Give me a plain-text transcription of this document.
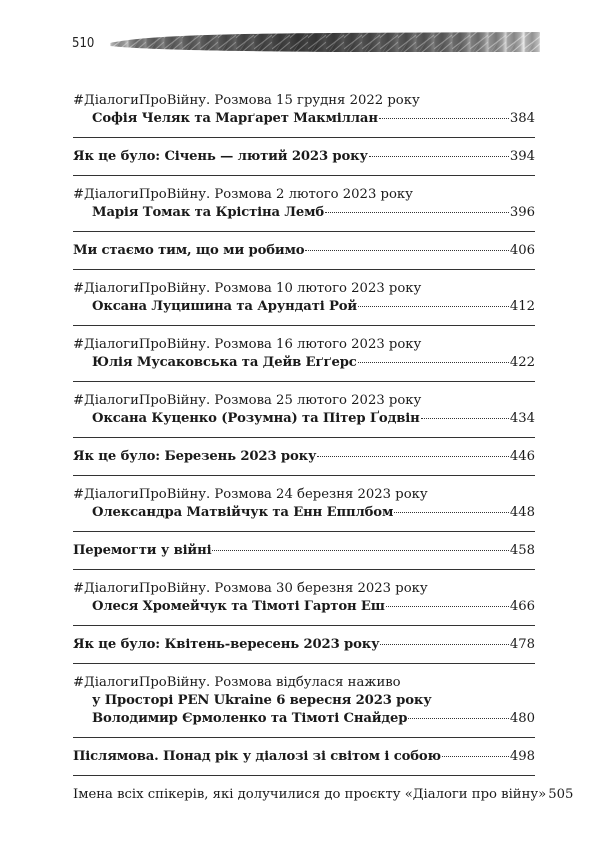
510
#ДіалогиПроВійну. Розмова 15 грудня 2022 року
Софія Челяк та Марґарет Макміллан	384
Як це було: Січень — лютий 2023 року	394
#ДіалогиПроВійну. Розмова 2 лютого 2023 року
Марія Томак та Крістіна Лемб	396
Ми стаємо тим, що ми робимо	406
#ДіалогиПроВійну. Розмова 10 лютого 2023 року
Оксана Луцишина та Арундаті Рой	412
#ДіалогиПроВійну. Розмова 16 лютого 2023 року
Юлія Мусаковська та Дейв Еґґерс	422
#ДіалогиПроВійну. Розмова 25 лютого 2023 року
Оксана Куценко (Розумна) та Пітер Ґодвін	434
Як це було: Березень 2023 року	446
#ДіалогиПроВійну. Розмова 24 березня 2023 року
Олександра Матвійчук та Енн Епплбом	448
Перемогти у війні	458
#ДіалогиПроВійну. Розмова 30 березня 2023 року
Олеся Хромейчук та Тімоті Гартон Еш	466
Як це було: Квітень-вересень 2023 року	478
#ДіалогиПроВійну. Розмова відбулася наживо
у Просторі PEN Ukraine 6 вересня 2023 року
Володимир Єрмоленко та Тімоті Снайдер	480
Післямова. Понад рік у діалозі зі світом і собою	498
Імена всіх спікерів, які долучилися до проєкту «Діалоги про війну» 505
